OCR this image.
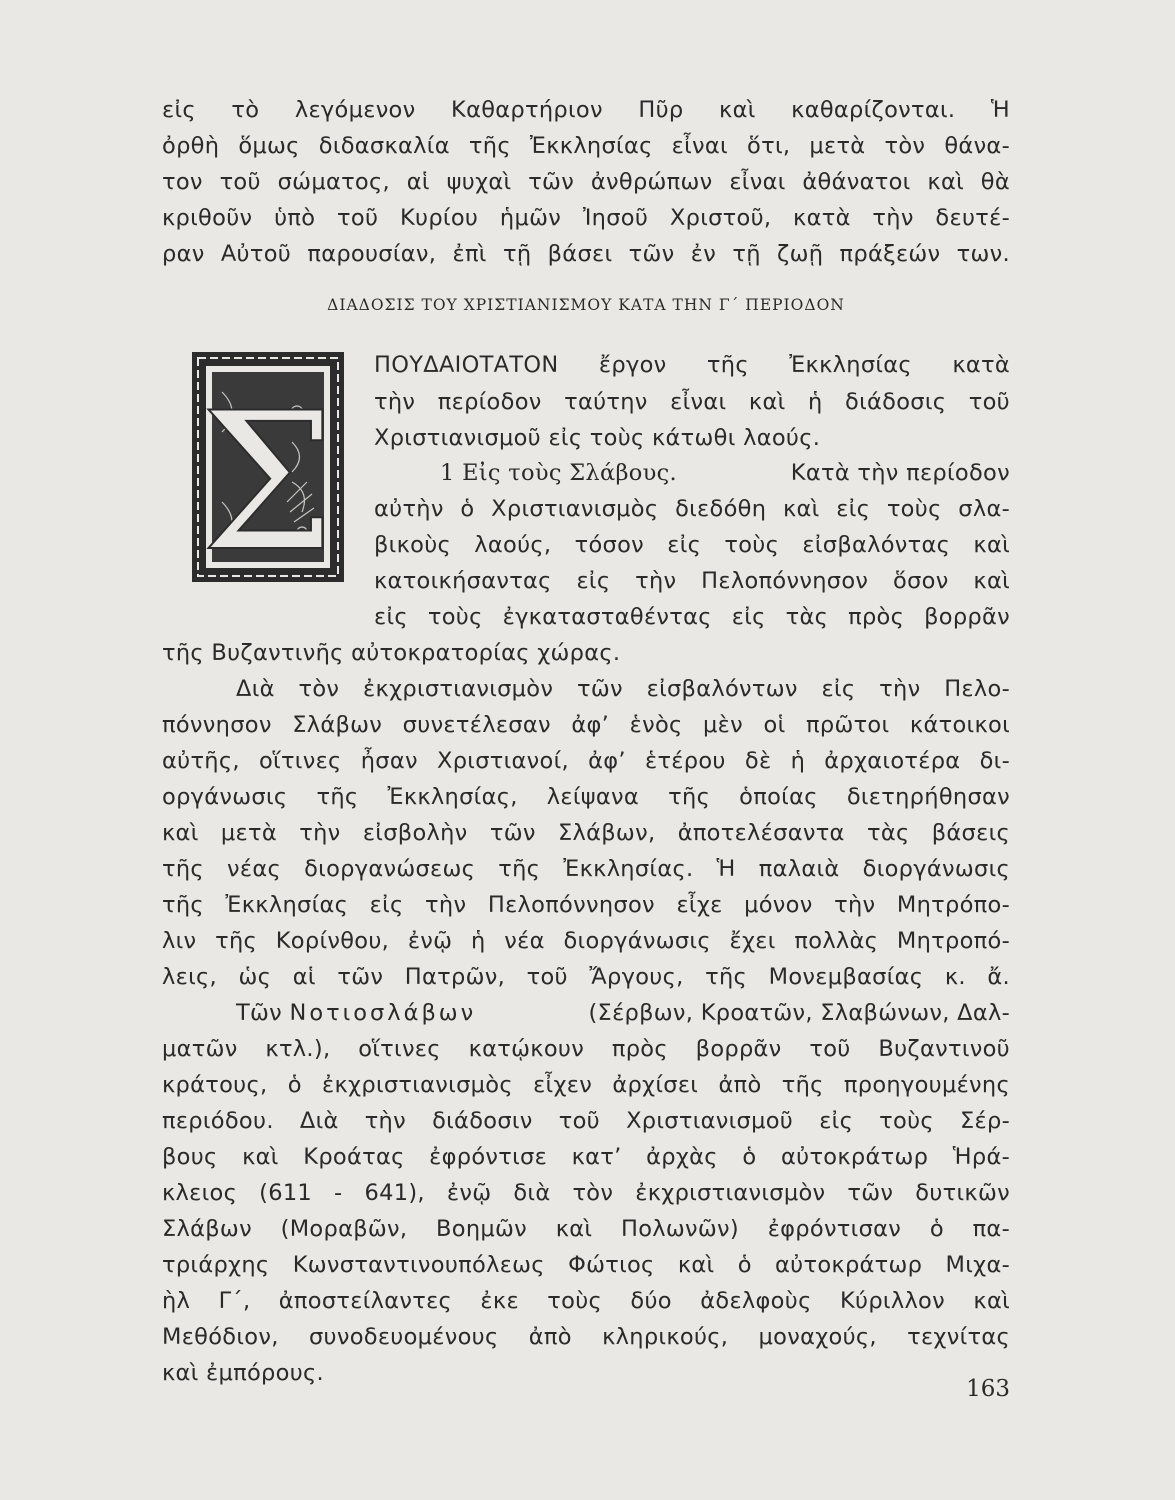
εἰς τὸ λεγόμενον Καθαρτήριον Πῦρ καὶ καθαρίζονται. Ἡ

ὀρθὴ ὅμως διδασκαλία τῆς Ἐκκλησίας εἶναι ὅτι, μετὰ τὸν θάνα-

τον τοῦ σώματος, αἱ ψυχαὶ τῶν ἀνθρώπων εἶναι ἀθάνατοι καὶ θὰ

κριθοῦν ὑπὸ τοῦ Κυρίου ἡμῶν Ἰησοῦ Χριστοῦ, κατὰ τὴν δευτέ-

ραν Αὐτοῦ παρουσίαν, ἐπὶ τῇ βάσει τῶν ἐν τῇ ζωῇ πράξεών των.

ΔΙΑΔΟΣΙΣ ΤΟΥ ΧΡΙΣΤΙΑΝΙΣΜΟΥ ΚΑΤΑ ΤΗΝ Γ΄ ΠΕΡΙΟΔΟΝ

Σ

ΠΟΥΔΑΙΟΤΑΤΟΝ ἔργον τῆς Ἐκκλησίας κατὰ

τὴν περίοδον ταύτην εἶναι καὶ ἡ διάδοσις τοῦ

Χριστιανισμοῦ εἰς τοὺς κάτωθι λαούς.

1 Εἰς τοὺς Σλάβους.	Κατὰ τὴν περίοδον

αὐτὴν ὁ Χριστιανισμὸς διεδόθη καὶ εἰς τοὺς σλα-

βικοὺς λαούς, τόσον εἰς τοὺς εἰσβαλόντας καὶ

κατοικήσαντας εἰς τὴν Πελοπόννησον ὅσον καὶ

εἰς τοὺς ἐγκατασταθέντας εἰς τὰς πρὸς βορρᾶν

τῆς Βυζαντινῆς αὐτοκρατορίας χώρας.

Διὰ τὸν ἐκχριστιανισμὸν τῶν εἰσβαλόντων εἰς τὴν Πελο-

πόννησον Σλάβων συνετέλεσαν ἀφ’ ἑνὸς μὲν οἱ πρῶτοι κάτοικοι

αὐτῆς, οἵτινες ἦσαν Χριστιανοί, ἀφ’ ἑτέρου δὲ ἡ ἀρχαιοτέρα δι-

οργάνωσις τῆς Ἐκκλησίας, λείψανα τῆς ὁποίας διετηρήθησαν

καὶ μετὰ τὴν εἰσβολὴν τῶν Σλάβων, ἀποτελέσαντα τὰς βάσεις

τῆς νέας διοργανώσεως τῆς Ἐκκλησίας. Ἡ παλαιὰ διοργάνωσις

τῆς Ἐκκλησίας εἰς τὴν Πελοπόννησον εἶχε μόνον τὴν Μητρόπο-

λιν τῆς Κορίνθου, ἐνῷ ἡ νέα διοργάνωσις ἔχει πολλὰς Μητροπό-

λεις, ὡς αἱ τῶν Πατρῶν, τοῦ Ἄργους, τῆς Μονεμβασίας κ. ἄ.

Τῶν Νοτιοσλάβων	(Σέρβων, Κροατῶν, Σλαβώνων, Δαλ-

ματῶν κτλ.), οἵτινες κατῴκουν πρὸς βορρᾶν τοῦ Βυζαντινοῦ

κράτους, ὁ ἐκχριστιανισμὸς εἶχεν ἀρχίσει ἀπὸ τῆς προηγουμένης

περιόδου. Διὰ τὴν διάδοσιν τοῦ Χριστιανισμοῦ εἰς τοὺς Σέρ-

βους καὶ Κροάτας ἐφρόντισε κατ’ ἀρχὰς ὁ αὐτοκράτωρ Ἡρά-

κλειος (611 - 641), ἐνῷ διὰ τὸν ἐκχριστιανισμὸν τῶν δυτικῶν

Σλάβων (Μοραβῶν, Βοημῶν καὶ Πολωνῶν) ἐφρόντισαν ὁ πα-

τριάρχης Κωνσταντινουπόλεως Φώτιος καὶ ὁ αὐτοκράτωρ Μιχα-

ὴλ Γ΄, ἀποστείλαντες ἐκε τοὺς δύο ἀδελφοὺς Κύριλλον καὶ

Μεθόδιον, συνοδευομένους ἀπὸ κληρικούς, μοναχούς, τεχνίτας

καὶ ἐμπόρους.

163
